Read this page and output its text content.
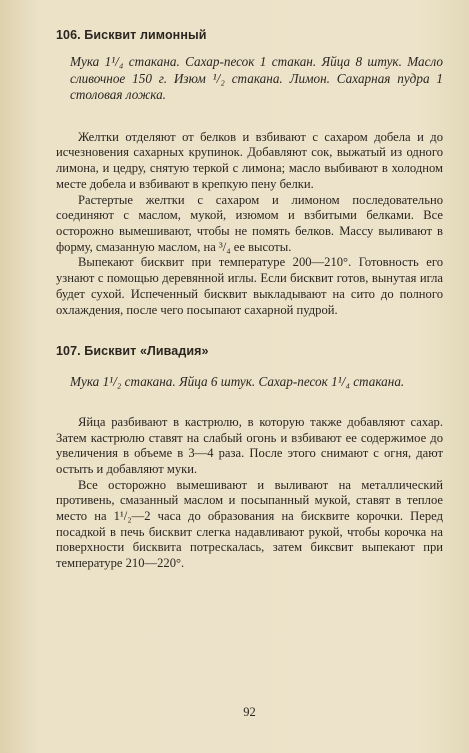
106. Бисквит лимонный

Мука 1¹/₄ стакана. Сахар-песок 1 стакан. Яйца 8 штук. Масло сливочное 150 г. Изюм ¹/₂ стакана. Лимон. Сахарная пудра 1 столовая ложка.

Желтки отделяют от белков и взбивают с сахаром добела и до исчезновения сахарных крупинок. Добавляют сок, выжатый из одного лимона, и цедру, снятую теркой с лимона; масло выбивают в холодном месте добела и взбивают в крепкую пену белки.

Растертые желтки с сахаром и лимоном последовательно соединяют с маслом, мукой, изюмом и взбитыми белками. Все осторожно вымешивают, чтобы не помять белков. Массу выливают в форму, смазанную маслом, на ³/₄ ее высоты.

Выпекают бисквит при температуре 200—210°. Готовность его узнают с помощью деревянной иглы. Если бисквит готов, вынутая игла будет сухой. Испеченный бисквит выкладывают на сито до полного охлаждения, после чего посыпают сахарной пудрой.

107. Бисквит «Ливадия»

Мука 1¹/₂ стакана. Яйца 6 штук. Сахар-песок 1¹/₄ стакана.

Яйца разбивают в кастрюлю, в которую также добавляют сахар. Затем кастрюлю ставят на слабый огонь и взбивают ее содержимое до увеличения в объеме в 3—4 раза. После этого снимают с огня, дают остыть и добавляют муки.

Все осторожно вымешивают и выливают на металлический противень, смазанный маслом и посыпанный мукой, ставят в теплое место на 1¹/₂—2 часа до образования на бисквите корочки. Перед посадкой в печь бисквит слегка надавливают рукой, чтобы корочка на поверхности бисквита потрескалась, затем биксвит выпекают при температуре 210—220°.

92
